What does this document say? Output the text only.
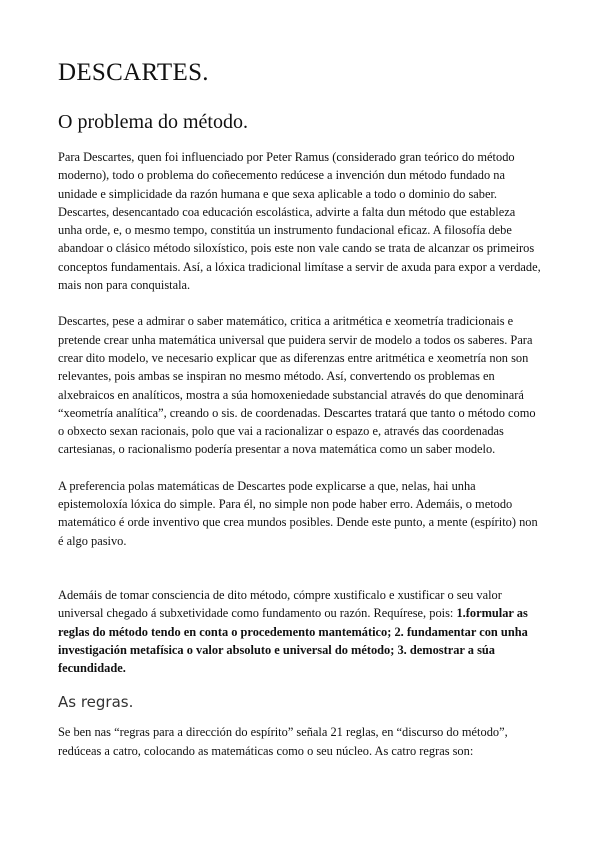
DESCARTES.
O problema do método.

Para Descartes, quen foi influenciado por Peter Ramus (considerado gran teórico do método moderno), todo o problema do coñecemento redúcese a invención dun método fundado na unidade e simplicidade da razón humana e que sexa aplicable a todo o dominio do saber. Descartes, desencantado coa educación escolástica, advirte a falta dun método que estableza unha orde, e, o mesmo tempo, constitúa un instrumento fundacional eficaz. A filosofía debe abandoar o clásico método siloxístico, pois este non vale cando se trata de alcanzar os primeiros conceptos fundamentais. Así, a lóxica tradicional limítase a servir de axuda para expor a verdade, mais non para conquistala.

Descartes, pese a admirar o saber matemático, critica a aritmética e xeometría tradicionais e pretende crear unha matemática universal que puidera servir de modelo a todos os saberes. Para crear dito modelo, ve necesario explicar que as diferenzas entre aritmética e xeometría non son relevantes, pois ambas se inspiran no mesmo método. Así, convertendo os problemas en alxebraicos en analíticos, mostra a súa homoxeniedade substancial através do que denominará “xeometría analítica”, creando o sis. de coordenadas. Descartes tratará que tanto o método como o obxecto sexan racionais, polo que vai a racionalizar o espazo e, através das coordenadas cartesianas, o racionalismo podería presentar a nova matemática como un saber modelo.

A preferencia polas matemáticas de Descartes pode explicarse a que, nelas, hai unha epistemoloxía lóxica do simple. Para él, no simple non pode haber erro. Ademáis, o metodo matemático é orde inventivo que crea mundos posibles. Dende este punto, a mente (espírito) non é algo pasivo.

Ademáis de tomar consciencia de dito método, cómpre xustificalo e xustificar o seu valor universal chegado á subxetividade como fundamento ou razón. Requírese, pois: 1.formular as reglas do método tendo en conta o procedemento mantemático; 2. fundamentar con unha investigación metafísica o valor absoluto e universal do método; 3. demostrar a súa fecundidade.

As regras.

Se ben nas “regras para a dirección do espírito” señala 21 reglas, en “discurso do método”, redúceas a catro, colocando as matemáticas como o seu núcleo. As catro regras son:
